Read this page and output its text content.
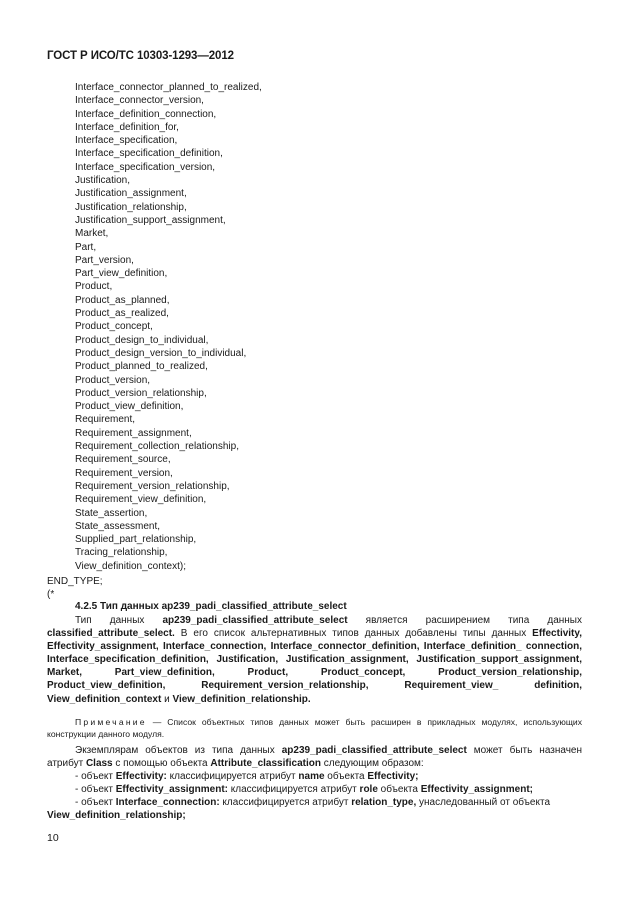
ГОСТ Р ИСО/ТС 10303-1293—2012
Interface_connector_planned_to_realized,
Interface_connector_version,
Interface_definition_connection,
Interface_definition_for,
Interface_specification,
Interface_specification_definition,
Interface_specification_version,
Justification,
Justification_assignment,
Justification_relationship,
Justification_support_assignment,
Market,
Part,
Part_version,
Part_view_definition,
Product,
Product_as_planned,
Product_as_realized,
Product_concept,
Product_design_to_individual,
Product_design_version_to_individual,
Product_planned_to_realized,
Product_version,
Product_version_relationship,
Product_view_definition,
Requirement,
Requirement_assignment,
Requirement_collection_relationship,
Requirement_source,
Requirement_version,
Requirement_version_relationship,
Requirement_view_definition,
State_assertion,
State_assessment,
Supplied_part_relationship,
Tracing_relationship,
View_definition_context);
END_TYPE;
(*
4.2.5 Тип данных ap239_padi_classified_attribute_select
Тип данных ap239_padi_classified_attribute_select является расширением типа данных classified_attribute_select. В его список альтернативных типов данных добавлены типы данных Effectivity, Effectivity_assignment, Interface_connection, Interface_connector_definition, Interface_definition_ connection, Interface_specification_definition, Justification, Justification_assignment, Justification_support_assignment, Market, Part_view_definition, Product, Product_concept, Product_version_relationship, Product_view_definition, Requirement_version_relationship, Requirement_view_ definition, View_definition_context и View_definition_relationship.
Примечание — Список объектных типов данных может быть расширен в прикладных модулях, использующих конструкции данного модуля.
Экземплярам объектов из типа данных ap239_padi_classified_attribute_select может быть назначен атрибут Class с помощью объекта Attribute_classification следующим образом:
- объект Effectivity: классифицируется атрибут name объекта Effectivity;
- объект Effectivity_assignment: классифицируется атрибут role объекта Effectivity_assignment;
- объект Interface_connection: классифицируется атрибут relation_type, унаследованный от объекта View_definition_relationship;
10
